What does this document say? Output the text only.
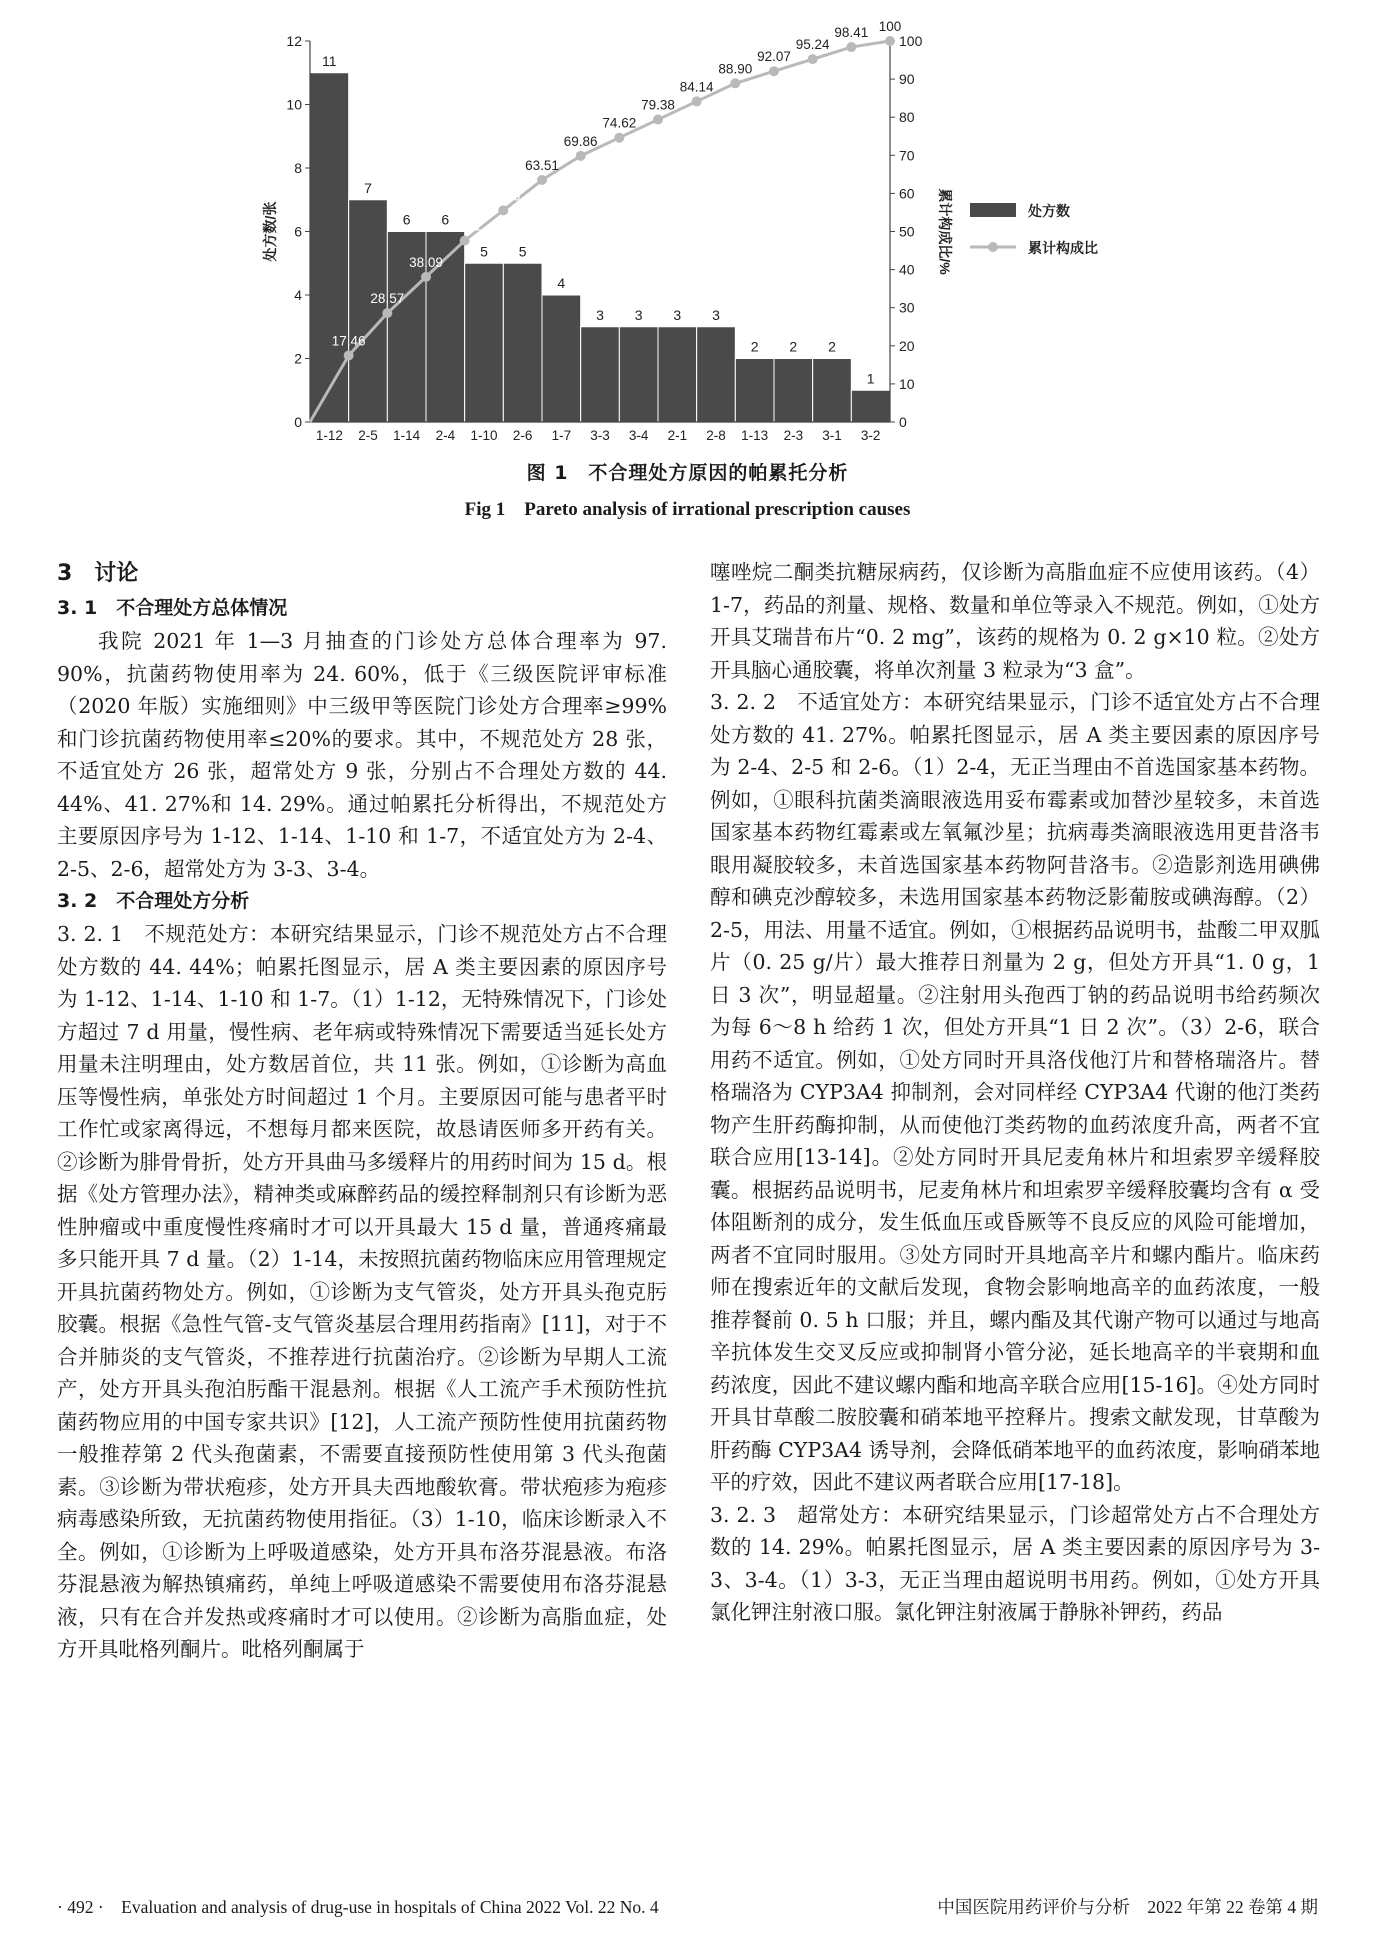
11
7
6 6
5 5
4
3 3 3 3
2 2 2
1
0
2
4
6
8
10
12
0
10
20
30
40
50
60
70
80
90
100
1-12 2-5 1-14 2-4 1-10 2-6 1-7 3-3 3-4 2-1 2-8 1-13 2-3 3-1 3-2
处方数/张	累计构成比/%
17.46
28.57
38.09
47.61
55.56
63.51
69.86
74.62
79.38
84.14
88.90
92.07
95.24
98.41 100
处方数
累计构成比
图 1　不合理处方原因的帕累托分析
Fig 1　Pareto analysis of irrational prescription causes

3　讨论

3. 1　不合理处方总体情况

我院 2021 年 1—3 月抽查的门诊处方总体合理率为 97. 90%，抗菌药物使用率为 24. 60%，低于《三级医院评审标准（2020 年版）实施细则》中三级甲等医院门诊处方合理率≥99%和门诊抗菌药物使用率≤20%的要求。其中，不规范处方 28 张，不适宜处方 26 张，超常处方 9 张，分别占不合理处方数的 44. 44%、41. 27%和 14. 29%。通过帕累托分析得出，不规范处方主要原因序号为 1-12、1-14、1-10 和 1-7，不适宜处方为 2-4、2-5、2-6，超常处方为 3-3、3-4。

3. 2　不合理处方分析

3. 2. 1　不规范处方：本研究结果显示，门诊不规范处方占不合理处方数的 44. 44%；帕累托图显示，居 A 类主要因素的原因序号为 1-12、1-14、1-10 和 1-7。（1）1-12，无特殊情况下，门诊处方超过 7 d 用量，慢性病、老年病或特殊情况下需要适当延长处方用量未注明理由，处方数居首位，共 11 张。例如，①诊断为高血压等慢性病，单张处方时间超过 1 个月。主要原因可能与患者平时工作忙或家离得远，不想每月都来医院，故恳请医师多开药有关。②诊断为腓骨骨折，处方开具曲马多缓释片的用药时间为 15 d。根据《处方管理办法》，精神类或麻醉药品的缓控释制剂只有诊断为恶性肿瘤或中重度慢性疼痛时才可以开具最大 15 d 量，普通疼痛最多只能开具 7 d 量。（2）1-14，未按照抗菌药物临床应用管理规定开具抗菌药物处方。例如，①诊断为支气管炎，处方开具头孢克肟胶囊。根据《急性气管-支气管炎基层合理用药指南》[11]，对于不合并肺炎的支气管炎，不推荐进行抗菌治疗。②诊断为早期人工流产，处方开具头孢泊肟酯干混悬剂。根据《人工流产手术预防性抗菌药物应用的中国专家共识》[12]，人工流产预防性使用抗菌药物一般推荐第 2 代头孢菌素，不需要直接预防性使用第 3 代头孢菌素。③诊断为带状疱疹，处方开具夫西地酸软膏。带状疱疹为疱疹病毒感染所致，无抗菌药物使用指征。（3）1-10，临床诊断录入不全。例如，①诊断为上呼吸道感染，处方开具布洛芬混悬液。布洛芬混悬液为解热镇痛药，单纯上呼吸道感染不需要使用布洛芬混悬液，只有在合并发热或疼痛时才可以使用。②诊断为高脂血症，处方开具吡格列酮片。吡格列酮属于

噻唑烷二酮类抗糖尿病药，仅诊断为高脂血症不应使用该药。（4）1-7，药品的剂量、规格、数量和单位等录入不规范。例如，①处方开具艾瑞昔布片“0. 2 mg”，该药的规格为 0. 2 g×10 粒。②处方开具脑心通胶囊，将单次剂量 3 粒录为“3 盒”。

3. 2. 2　不适宜处方：本研究结果显示，门诊不适宜处方占不合理处方数的 41. 27%。帕累托图显示，居 A 类主要因素的原因序号为 2-4、2-5 和 2-6。（1）2-4，无正当理由不首选国家基本药物。例如，①眼科抗菌类滴眼液选用妥布霉素或加替沙星较多，未首选国家基本药物红霉素或左氧氟沙星；抗病毒类滴眼液选用更昔洛韦眼用凝胶较多，未首选国家基本药物阿昔洛韦。②造影剂选用碘佛醇和碘克沙醇较多，未选用国家基本药物泛影葡胺或碘海醇。（2）2-5，用法、用量不适宜。例如，①根据药品说明书，盐酸二甲双胍片（0. 25 g/片）最大推荐日剂量为 2 g，但处方开具“1. 0 g，1 日 3 次”，明显超量。②注射用头孢西丁钠的药品说明书给药频次为每 6～8 h 给药 1 次，但处方开具“1 日 2 次”。（3）2-6，联合用药不适宜。例如，①处方同时开具洛伐他汀片和替格瑞洛片。替格瑞洛为 CYP3A4 抑制剂，会对同样经 CYP3A4 代谢的他汀类药物产生肝药酶抑制，从而使他汀类药物的血药浓度升高，两者不宜联合应用[13-14]。②处方同时开具尼麦角林片和坦索罗辛缓释胶囊。根据药品说明书，尼麦角林片和坦索罗辛缓释胶囊均含有 α 受体阻断剂的成分，发生低血压或昏厥等不良反应的风险可能增加，两者不宜同时服用。③处方同时开具地高辛片和螺内酯片。临床药师在搜索近年的文献后发现，食物会影响地高辛的血药浓度，一般推荐餐前 0. 5 h 口服；并且，螺内酯及其代谢产物可以通过与地高辛抗体发生交叉反应或抑制肾小管分泌，延长地高辛的半衰期和血药浓度，因此不建议螺内酯和地高辛联合应用[15-16]。④处方同时开具甘草酸二胺胶囊和硝苯地平控释片。搜索文献发现，甘草酸为肝药酶 CYP3A4 诱导剂，会降低硝苯地平的血药浓度，影响硝苯地平的疗效，因此不建议两者联合应用[17-18]。

3. 2. 3　超常处方：本研究结果显示，门诊超常处方占不合理处方数的 14. 29%。帕累托图显示，居 A 类主要因素的原因序号为 3-3、3-4。（1）3-3，无正当理由超说明书用药。例如，①处方开具氯化钾注射液口服。氯化钾注射液属于静脉补钾药，药品

· 492 ·　Evaluation and analysis of drug-use in hospitals of China 2022 Vol. 22 No. 4	中国医院用药评价与分析　2022 年第 22 卷第 4 期
